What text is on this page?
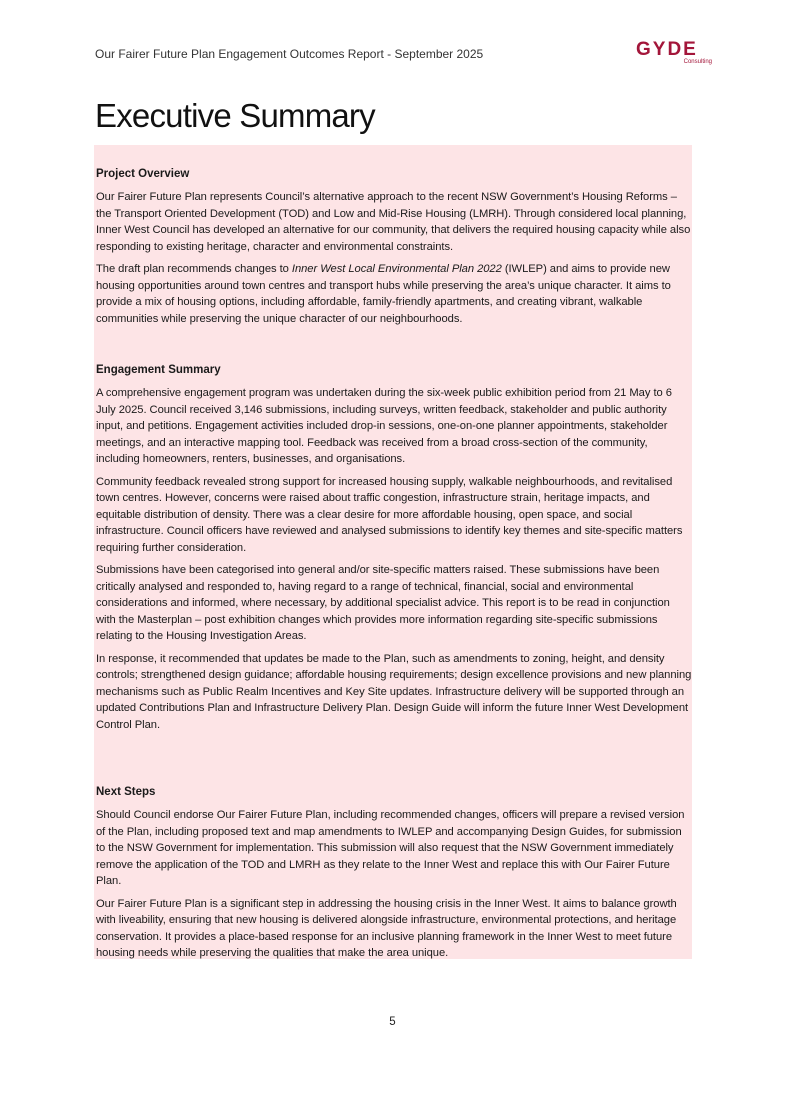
Our Fairer Future Plan Engagement Outcomes Report - September 2025	GYDE
Consulting
Executive Summary
Project Overview

Our Fairer Future Plan represents Council’s alternative approach to the recent NSW Government’s Housing Reforms – the Transport Oriented Development (TOD) and Low and Mid-Rise Housing (LMRH). Through considered local planning, Inner West Council has developed an alternative for our community, that delivers the required housing capacity while also responding to existing heritage, character and environmental constraints.

The draft plan recommends changes to Inner West Local Environmental Plan 2022 (IWLEP) and aims to provide new housing opportunities around town centres and transport hubs while preserving the area’s unique character. It aims to provide a mix of housing options, including affordable, family-friendly apartments, and creating vibrant, walkable communities while preserving the unique character of our neighbourhoods.

Engagement Summary

A comprehensive engagement program was undertaken during the six-week public exhibition period from 21 May to 6 July 2025. Council received 3,146 submissions, including surveys, written feedback, stakeholder and public authority input, and petitions. Engagement activities included drop-in sessions, one-on-one planner appointments, stakeholder meetings, and an interactive mapping tool. Feedback was received from a broad cross-section of the community, including homeowners, renters, businesses, and organisations.

Community feedback revealed strong support for increased housing supply, walkable neighbourhoods, and revitalised town centres. However, concerns were raised about traffic congestion, infrastructure strain, heritage impacts, and equitable distribution of density. There was a clear desire for more affordable housing, open space, and social infrastructure. Council officers have reviewed and analysed submissions to identify key themes and site-specific matters requiring further consideration.

Submissions have been categorised into general and/or site-specific matters raised. These submissions have been critically analysed and responded to, having regard to a range of technical, financial, social and environmental considerations and informed, where necessary, by additional specialist advice. This report is to be read in conjunction with the Masterplan – post exhibition changes which provides more information regarding site-specific submissions relating to the Housing Investigation Areas.

In response, it recommended that updates be made to the Plan, such as amendments to zoning, height, and density controls; strengthened design guidance; affordable housing requirements; design excellence provisions and new planning mechanisms such as Public Realm Incentives and Key Site updates. Infrastructure delivery will be supported through an updated Contributions Plan and Infrastructure Delivery Plan. Design Guide will inform the future Inner West Development Control Plan.

Next Steps

Should Council endorse Our Fairer Future Plan, including recommended changes, officers will prepare a revised version of the Plan, including proposed text and map amendments to IWLEP and accompanying Design Guides, for submission to the NSW Government for implementation. This submission will also request that the NSW Government immediately remove the application of the TOD and LMRH as they relate to the Inner West and replace this with Our Fairer Future Plan.

Our Fairer Future Plan is a significant step in addressing the housing crisis in the Inner West. It aims to balance growth with liveability, ensuring that new housing is delivered alongside infrastructure, environmental protections, and heritage conservation. It provides a place-based response for an inclusive planning framework in the Inner West to meet future housing needs while preserving the qualities that make the area unique.

5
